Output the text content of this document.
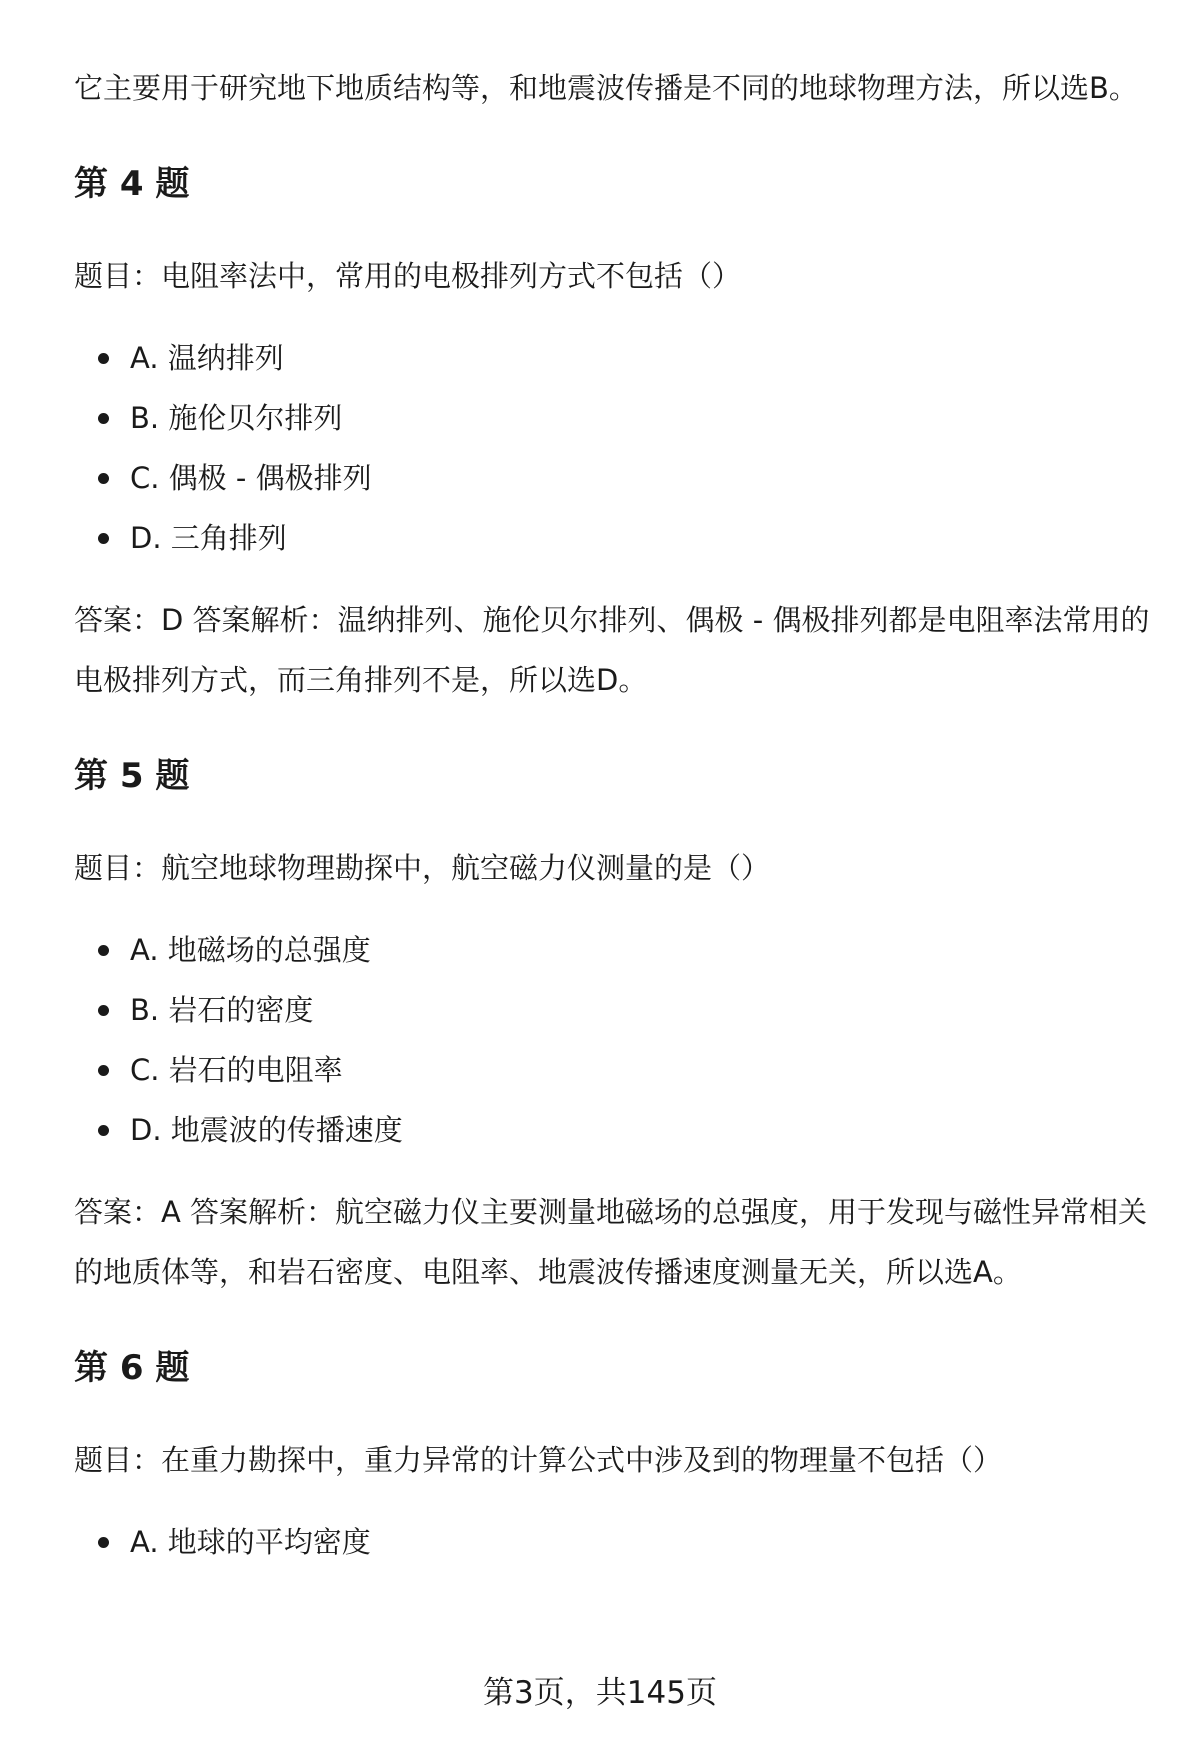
它主要用于研究地下地质结构等，和地震波传播是不同的地球物理方法，所以选B。

第 4 题

题目：电阻率法中，常用的电极排列方式不包括（）

A. 温纳排列
B. 施伦贝尔排列
C. 偶极 - 偶极排列
D. 三角排列

答案：D 答案解析：温纳排列、施伦贝尔排列、偶极 - 偶极排列都是电阻率法常用的电极排列方式，而三角排列不是，所以选D。

第 5 题

题目：航空地球物理勘探中，航空磁力仪测量的是（）

A. 地磁场的总强度
B. 岩石的密度
C. 岩石的电阻率
D. 地震波的传播速度

答案：A 答案解析：航空磁力仪主要测量地磁场的总强度，用于发现与磁性异常相关的地质体等，和岩石密度、电阻率、地震波传播速度测量无关，所以选A。

第 6 题

题目：在重力勘探中，重力异常的计算公式中涉及到的物理量不包括（）

A. 地球的平均密度
第3页，共145页
